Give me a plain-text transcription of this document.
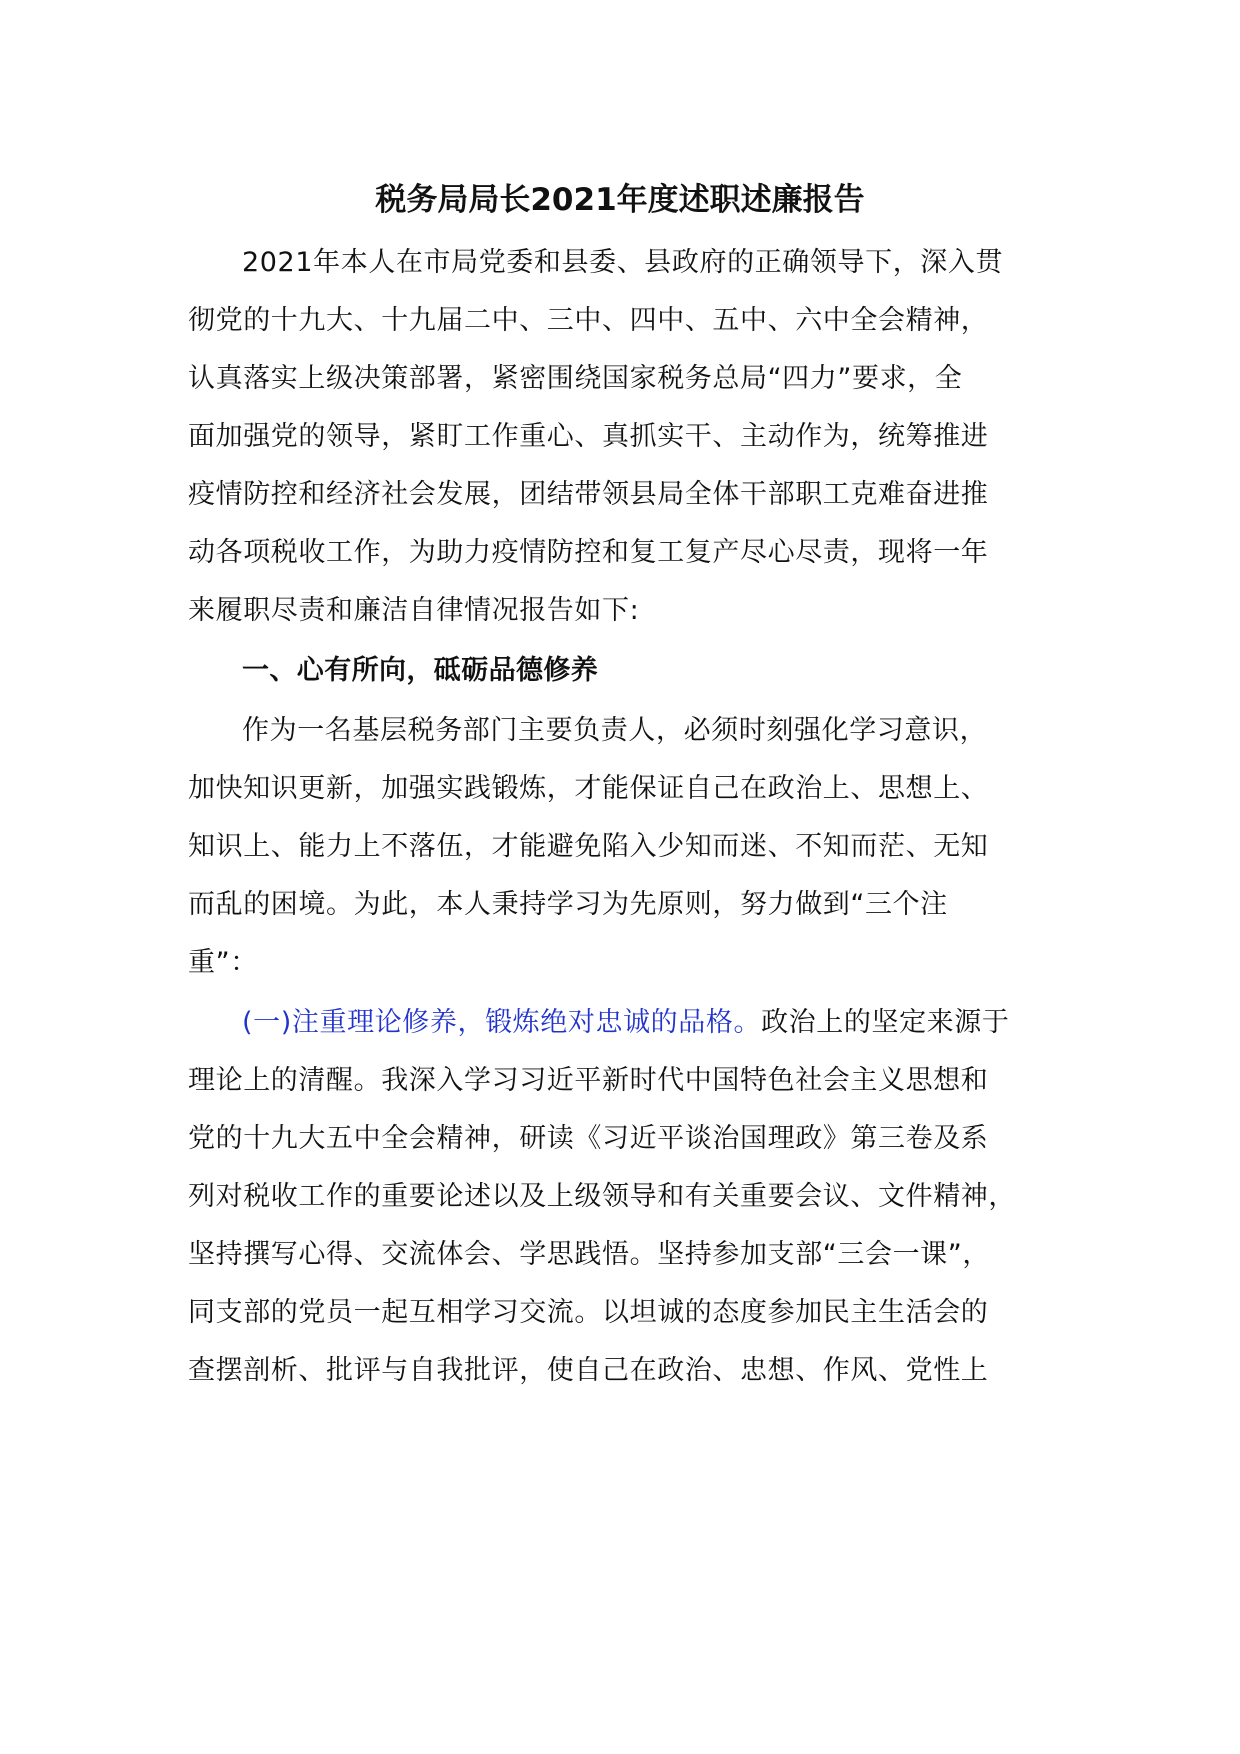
税务局局长2021年度述职述廉报告
2021年本人在市局党委和县委、县政府的正确领导下，深入贯
彻党的十九大、十九届二中、三中、四中、五中、六中全会精神，
认真落实上级决策部署，紧密围绕国家税务总局“四力”要求，全
面加强党的领导，紧盯工作重心、真抓实干、主动作为，统筹推进
疫情防控和经济社会发展，团结带领县局全体干部职工克难奋进推
动各项税收工作，为助力疫情防控和复工复产尽心尽责，现将一年
来履职尽责和廉洁自律情况报告如下:
一、心有所向，砥砺品德修养
作为一名基层税务部门主要负责人，必须时刻强化学习意识，
加快知识更新，加强实践锻炼，才能保证自己在政治上、思想上、
知识上、能力上不落伍，才能避免陷入少知而迷、不知而茫、无知
而乱的困境。为此，本人秉持学习为先原则，努力做到“三个注
重”：
(一)注重理论修养，锻炼绝对忠诚的品格。政治上的坚定来源于
理论上的清醒。我深入学习习近平新时代中国特色社会主义思想和
党的十九大五中全会精神，研读《习近平谈治国理政》第三卷及系
列对税收工作的重要论述以及上级领导和有关重要会议、文件精神，
坚持撰写心得、交流体会、学思践悟。坚持参加支部“三会一课”，
同支部的党员一起互相学习交流。以坦诚的态度参加民主生活会的
查摆剖析、批评与自我批评，使自己在政治、忠想、作风、党性上
